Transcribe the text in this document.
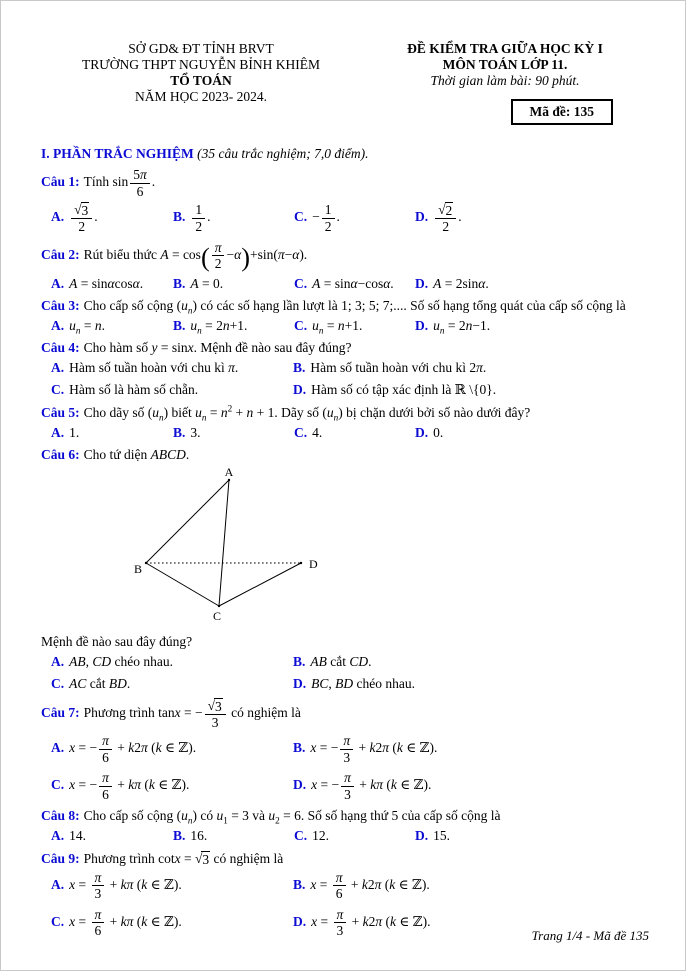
SỞ GD& ĐT TỈNH BRVT
TRƯỜNG THPT NGUYỄN BỈNH KHIÊM
TỔ TOÁN
NĂM HỌC 2023- 2024.
ĐỀ KIỂM TRA GIỮA HỌC KỲ I
MÔN TOÁN LỚP 11.
Thời gian làm bài: 90 phút.
Mã đề: 135
I. PHẦN TRẮC NGHIỆM (35 câu trắc nghiệm; 7,0 điểm).
Câu 1: Tính $\sin \frac{5\pi}{6}$ .
A. $\frac{√ 3}{2}$ .	B. $\frac{1}{2}$ .	C. − $\frac{1}{2}$ .	D. $\frac{√ 2}{2}$ .
Câu 2: Rút biểu thức $A = \cos( \frac{\pi}{2} -\alpha)+\sin(\pi-\alpha)$.
A. A = sinαcosα.	B. A = 0.	C. A = sinα−cosα.	D. A = 2sinα.
Câu 3: Cho cấp số cộng $(u_n)$ có các số hạng lần lượt là 1; 3; 5; 7;.... Số số hạng tổng quát của cấp số cộng là
A. $u_n = n$.	B. $u_n = 2n+1$.	C. $u_n = n+1$.	D. $u_n = 2n-1$.
Câu 4: Cho hàm số y = sinx. Mệnh đề nào sau đây đúng?
A. Hàm số tuần hoàn với chu kì π.	B. Hàm số tuần hoàn với chu kì 2π.
C. Hàm số là hàm số chẵn.	D. Hàm số có tập xác định là ℝ \{0}.
Câu 5: Cho dãy số $(u_n)$ biết $u_n = n^2 + n + 1$. Dãy số $(u_n)$ bị chặn dưới bởi số nào dưới đây?
A. 1.	B. 3.	C. 4.	D. 0.
Câu 6: Cho tứ diện ABCD.
A
B
C
D
Mệnh đề nào sau đây đúng?
A. AB, CD chéo nhau.	B. AB cắt CD.
C. AC cắt BD.	D. BC, BD chéo nhau.
Câu 7: Phương trình tanx = − $\frac{√ 3}{3}$ có nghiệm là
A. x = − $\frac{\pi}{6} + k2\pi$ (k ∈ ℤ).	B. x = − $\frac{\pi}{3} + k2\pi$ (k ∈ ℤ).
C. x = − $\frac{\pi}{6} + k\pi$ (k ∈ ℤ).	D. x = − $\frac{\pi}{3} + k\pi$ (k ∈ ℤ).
Câu 8: Cho cấp số cộng $(u_n)$ có $u_1 = 3$ và $u_2 = 6$. Số số hạng thứ 5 của cấp số cộng là
A. 14.	B. 16.	C. 12.	D. 15.
Câu 9: Phương trình cotx = √ 3 có nghiệm là
A. $x = \frac{\pi}{3} + k\pi$ (k ∈ ℤ).	B. $x = \frac{\pi}{6} + k2\pi$ (k ∈ ℤ).
C. $x = \frac{\pi}{6} + k\pi$ (k ∈ ℤ).	D. $x = \frac{\pi}{3} + k2\pi$ (k ∈ ℤ).
Trang 1/4 - Mã đề 135
